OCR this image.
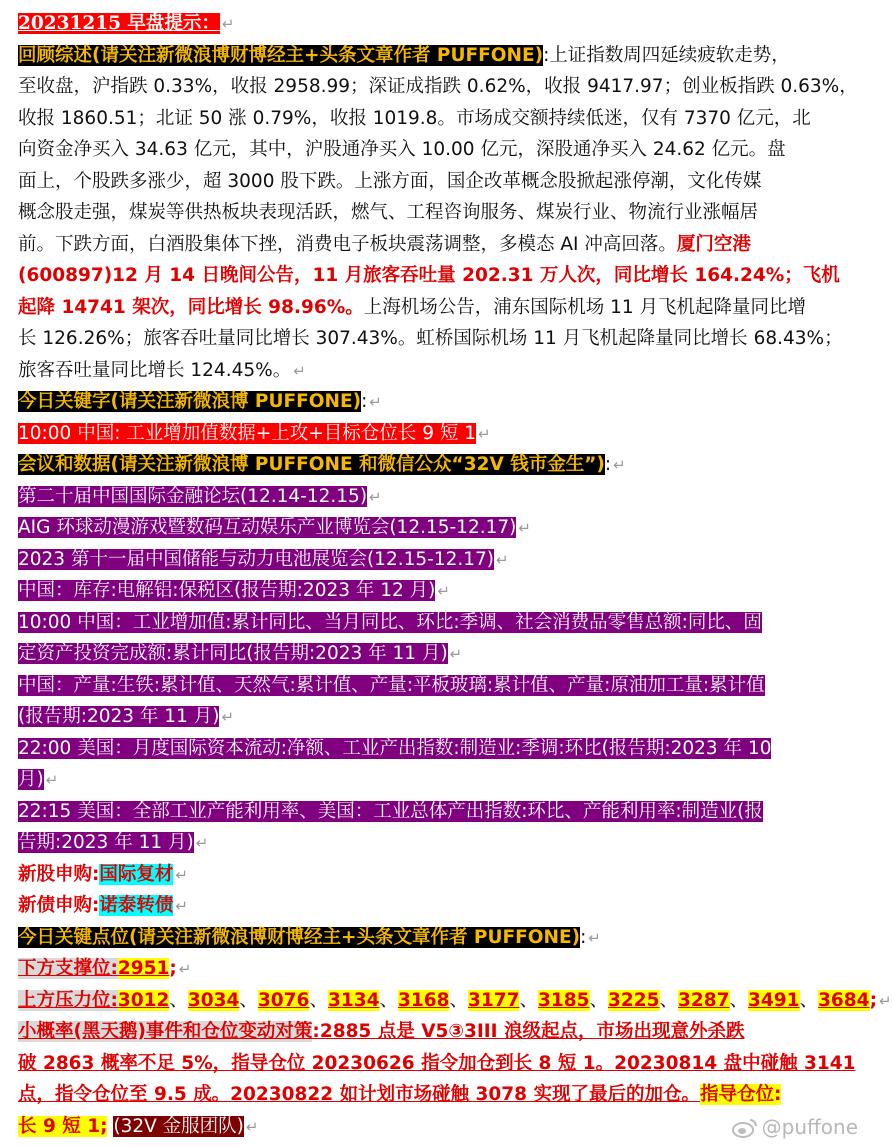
20231215 早盘提示： ↵
回顾综述(请关注新微浪博财博经主+头条文章作者 PUFFONE):上证指数周四延续疲软走势，
至收盘，沪指跌 0.33%，收报 2958.99；深证成指跌 0.62%，收报 9417.97；创业板指跌 0.63%，
收报 1860.51；北证 50 涨 0.79%，收报 1019.8。市场成交额持续低迷，仅有 7370 亿元，北
向资金净买入 34.63 亿元，其中，沪股通净买入 10.00 亿元，深股通净买入 24.62 亿元。盘
面上，个股跌多涨少，超 3000 股下跌。上涨方面，国企改革概念股掀起涨停潮，文化传媒
概念股走强，煤炭等供热板块表现活跃，燃气、工程咨询服务、煤炭行业、物流行业涨幅居
前。下跌方面，白酒股集体下挫，消费电子板块震荡调整，多模态 AI 冲高回落。厦门空港
(600897)12 月 14 日晚间公告，11 月旅客吞吐量 202.31 万人次，同比增长 164.24%；飞机
起降 14741 架次，同比增长 98.96%。上海机场公告，浦东国际机场 11 月飞机起降量同比增
长 126.26%；旅客吞吐量同比增长 307.43%。虹桥国际机场 11 月飞机起降量同比增长 68.43%；
旅客吞吐量同比增长 124.45%。 ↵
今日关键字(请关注新微浪博 PUFFONE): ↵
10:00 中国: 工业增加值数据+上攻+目标仓位长 9 短 1 ↵
会议和数据(请关注新微浪博 PUFFONE 和微信公众“32V 钱市金生”): ↵
第二十届中国国际金融论坛(12.14-12.15) ↵
AIG 环球动漫游戏暨数码互动娱乐产业博览会(12.15-12.17) ↵
2023 第十一届中国储能与动力电池展览会(12.15-12.17) ↵
中国：库存:电解铝:保税区(报告期:2023 年 12 月) ↵
10:00 中国：工业增加值:累计同比、当月同比、环比:季调、社会消费品零售总额:同比、固
定资产投资完成额:累计同比(报告期:2023 年 11 月) ↵
中国：产量:生铁:累计值、天然气:累计值、产量:平板玻璃:累计值、产量:原油加工量:累计值
(报告期:2023 年 11 月) ↵
22:00 美国：月度国际资本流动:净额、工业产出指数:制造业:季调:环比(报告期:2023 年 10
月) ↵
22:15 美国：全部工业产能利用率、美国：工业总体产出指数:环比、产能利用率:制造业(报
告期:2023 年 11 月) ↵
新股申购:国际复材 ↵
新债申购:诺泰转债 ↵
今日关键点位(请关注新微浪博财博经主+头条文章作者 PUFFONE): ↵
下方支撑位:2951; ↵
上方压力位:3012、3034、3076、3134、3168、3177、3185、3225、3287、3491、3684; ↵
小概率(黑天鹅)事件和仓位变动对策:2885 点是 V5③3III 浪级起点，市场出现意外杀跌
破 2863 概率不足 5%，指导仓位 20230626 指令加仓到长 8 短 1。20230814 盘中碰触 3141
点，指令仓位至 9.5 成。20230822 如计划市场碰触 3078 实现了最后的加仓。指导仓位:
长 9 短 1; (32V 金服团队) ↵	@puffone
